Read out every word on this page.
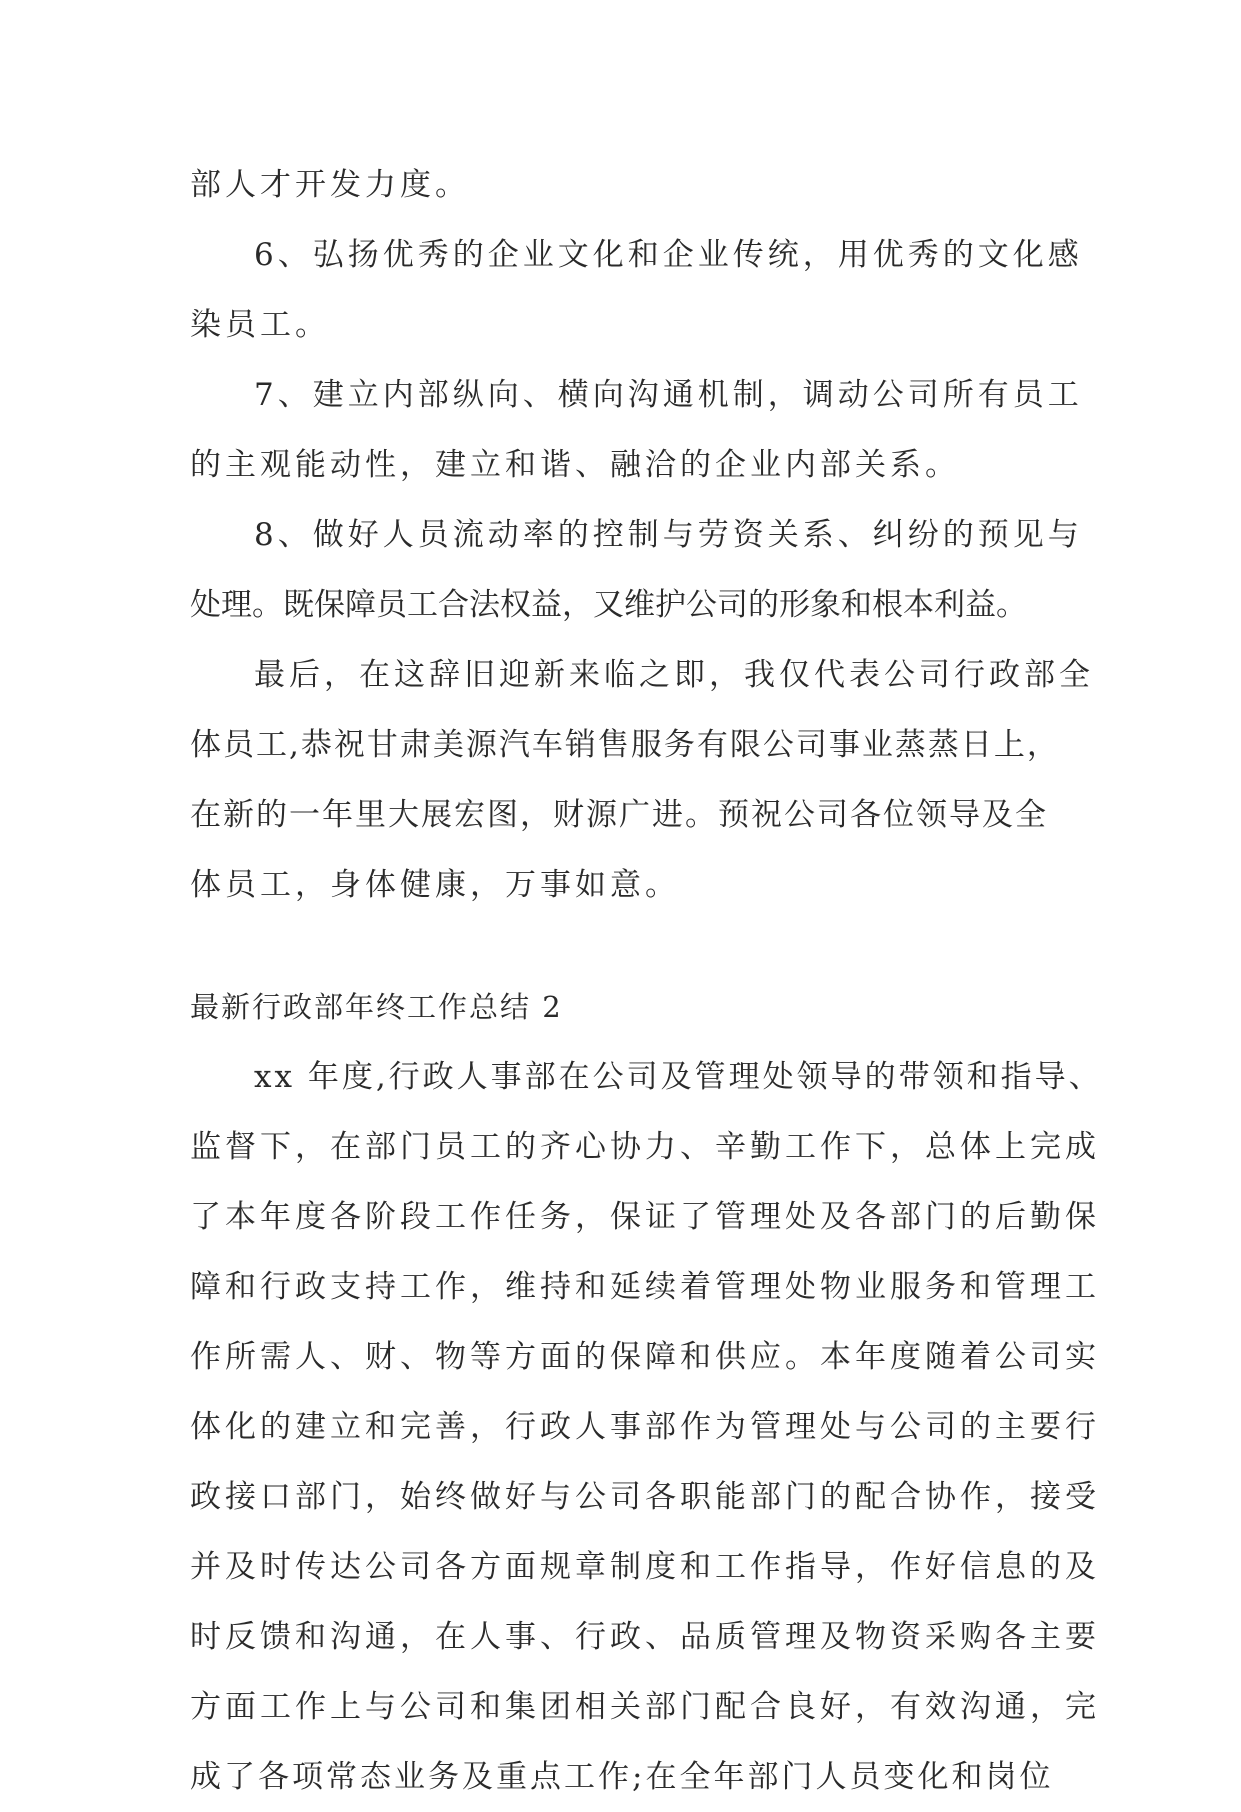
部人才开发力度。
6、弘扬优秀的企业文化和企业传统，用优秀的文化感
染员工。
7、建立内部纵向、横向沟通机制，调动公司所有员工
的主观能动性，建立和谐、融洽的企业内部关系。
8、做好人员流动率的控制与劳资关系、纠纷的预见与
处理。既保障员工合法权益，又维护公司的形象和根本利益。
最后，在这辞旧迎新来临之即，我仅代表公司行政部全
体员工,恭祝甘肃美源汽车销售服务有限公司事业蒸蒸日上，
在新的一年里大展宏图，财源广进。预祝公司各位领导及全
体员工，身体健康，万事如意。
最新行政部年终工作总结 2
xx 年度,行政人事部在公司及管理处领导的带领和指导、
监督下，在部门员工的齐心协力、辛勤工作下，总体上完成
了本年度各阶段工作任务，保证了管理处及各部门的后勤保
障和行政支持工作，维持和延续着管理处物业服务和管理工
作所需人、财、物等方面的保障和供应。本年度随着公司实
体化的建立和完善，行政人事部作为管理处与公司的主要行
政接口部门，始终做好与公司各职能部门的配合协作，接受
并及时传达公司各方面规章制度和工作指导，作好信息的及
时反馈和沟通，在人事、行政、品质管理及物资采购各主要
方面工作上与公司和集团相关部门配合良好，有效沟通，完
成了各项常态业务及重点工作;在全年部门人员变化和岗位
